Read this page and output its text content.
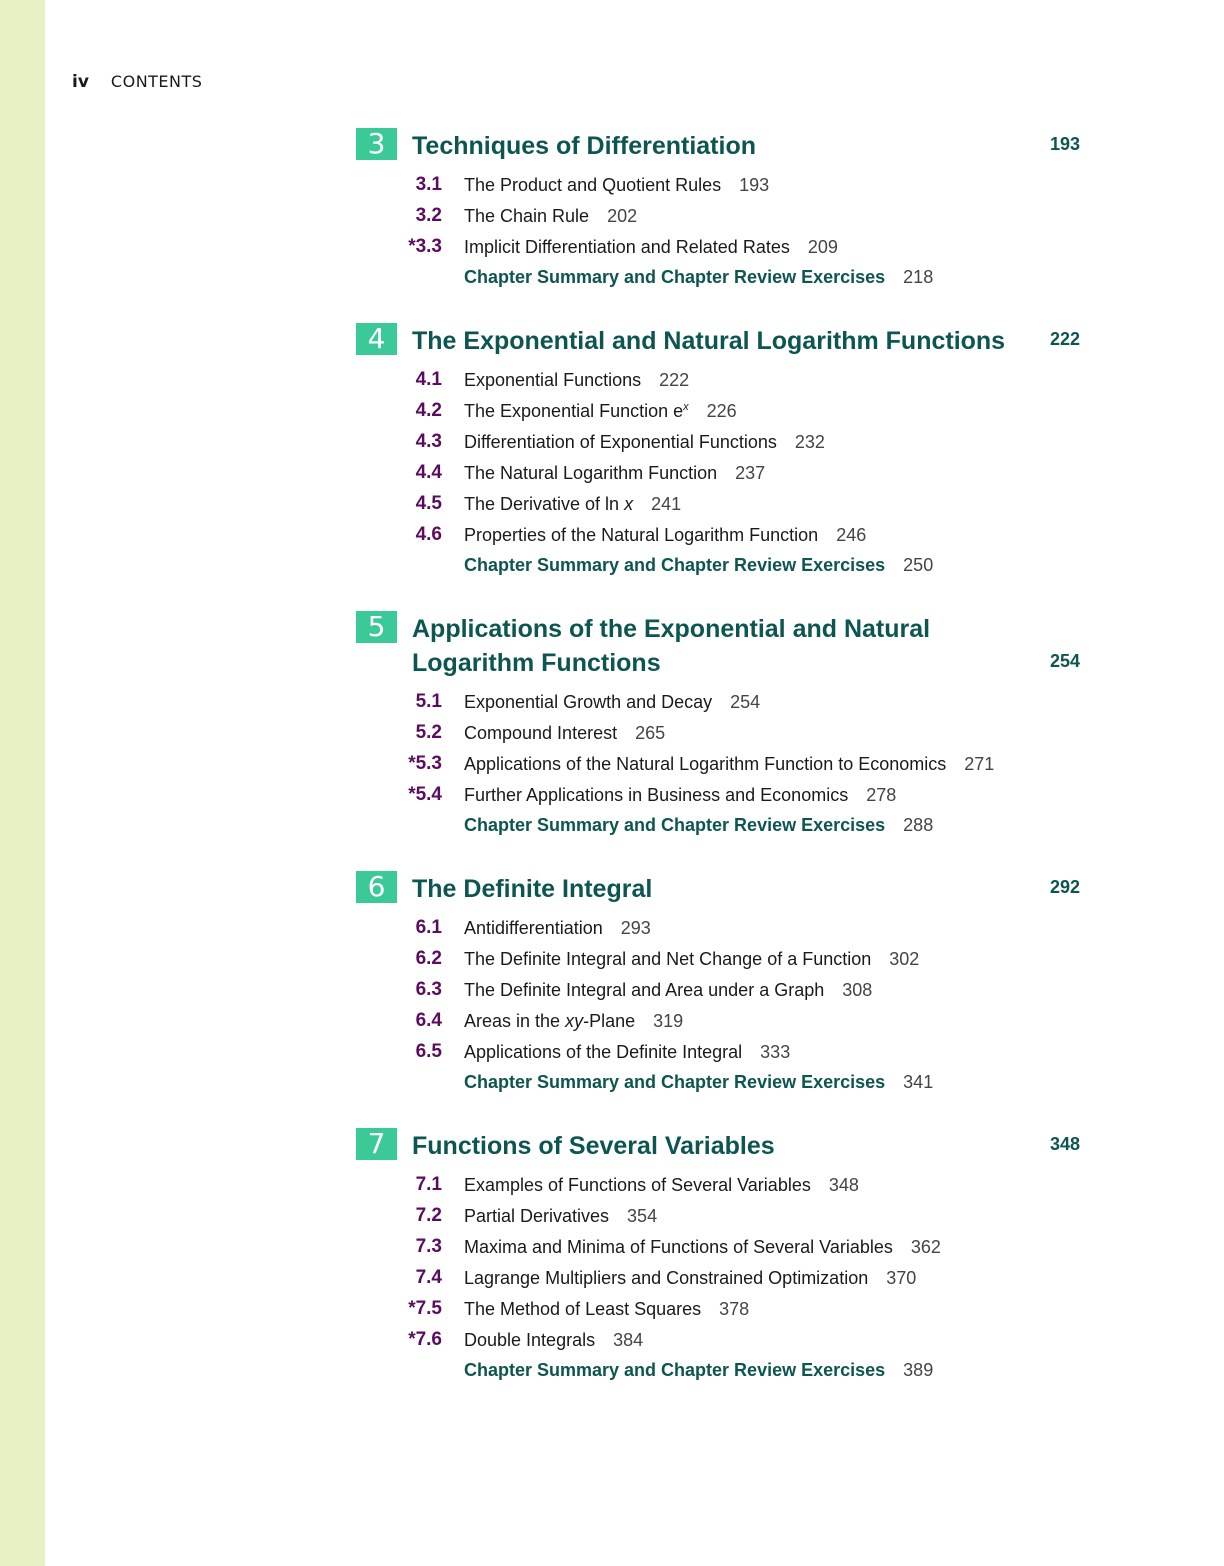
iv CONTENTS
3	Techniques of Differentiation	193
3.1 The Product and Quotient Rules 193
3.2 The Chain Rule 202
*3.3 Implicit Differentiation and Related Rates 209
Chapter Summary and Chapter Review Exercises 218
4	The Exponential and Natural Logarithm Functions	222
4.1 Exponential Functions 222
4.2 The Exponential Function $e^x$ 226
4.3 Differentiation of Exponential Functions 232
4.4 The Natural Logarithm Function 237
4.5 The Derivative of ln x 241
4.6 Properties of the Natural Logarithm Function 246
Chapter Summary and Chapter Review Exercises 250
5	Applications of the Exponential and Natural
Logarithm Functions	254
5.1 Exponential Growth and Decay 254
5.2 Compound Interest 265
*5.3 Applications of the Natural Logarithm Function to Economics 271
*5.4 Further Applications in Business and Economics 278
Chapter Summary and Chapter Review Exercises 288
6	The Definite Integral	292
6.1 Antidifferentiation 293
6.2 The Definite Integral and Net Change of a Function 302
6.3 The Definite Integral and Area under a Graph 308
6.4 Areas in the xy-Plane 319
6.5 Applications of the Definite Integral 333
Chapter Summary and Chapter Review Exercises 341
7	Functions of Several Variables	348
7.1 Examples of Functions of Several Variables 348
7.2 Partial Derivatives 354
7.3 Maxima and Minima of Functions of Several Variables 362
7.4 Lagrange Multipliers and Constrained Optimization 370
*7.5 The Method of Least Squares 378
*7.6 Double Integrals 384
Chapter Summary and Chapter Review Exercises 389
